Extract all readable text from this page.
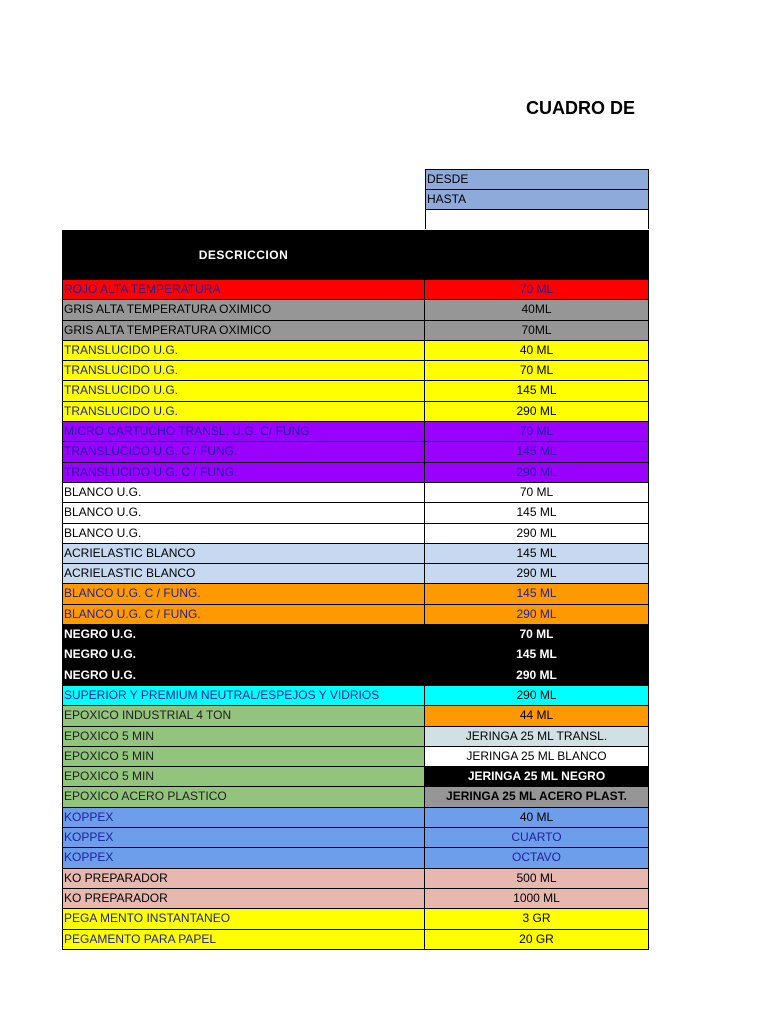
CUADRO DE
DESDE
HASTA
DESCRICCION
ROJO ALTA TEMPERATURA	70 ML
GRIS ALTA TEMPERATURA OXIMICO	40ML
GRIS ALTA TEMPERATURA OXIMICO	70ML
TRANSLUCIDO U.G.	40 ML
TRANSLUCIDO U.G.	70 ML
TRANSLUCIDO U.G.	145 ML
TRANSLUCIDO U.G.	290 ML
MICRO CARTUCHO TRANSL. U.G. C/ FUNG.	70 ML
TRANSLUCIDO U.G. C / FUNG.	145 ML
TRANSLUCIDO U.G. C / FUNG.	290 ML
BLANCO U.G.	70 ML
BLANCO U.G.	145 ML
BLANCO U.G.	290 ML
ACRIELASTIC BLANCO	145 ML
ACRIELASTIC BLANCO	290 ML
BLANCO U.G. C / FUNG.	145 ML
BLANCO U.G. C / FUNG.	290 ML
NEGRO U.G.	70 ML
NEGRO U.G.	145 ML
NEGRO U.G.	290 ML
SUPERIOR Y PREMIUM NEUTRAL/ESPEJOS Y VIDRIOS	290 ML
EPOXICO INDUSTRIAL 4 TON	44 ML
EPOXICO 5 MIN	JERINGA 25 ML TRANSL.
EPOXICO 5 MIN	JERINGA 25 ML BLANCO
EPOXICO 5 MIN	JERINGA 25 ML NEGRO
EPOXICO ACERO PLASTICO	JERINGA 25 ML ACERO PLAST.
KOPPEX	40 ML
KOPPEX	CUARTO
KOPPEX	OCTAVO
KO PREPARADOR	500 ML
KO PREPARADOR	1000 ML
PEGA MENTO INSTANTANEO	3 GR
PEGAMENTO PARA PAPEL	20 GR
